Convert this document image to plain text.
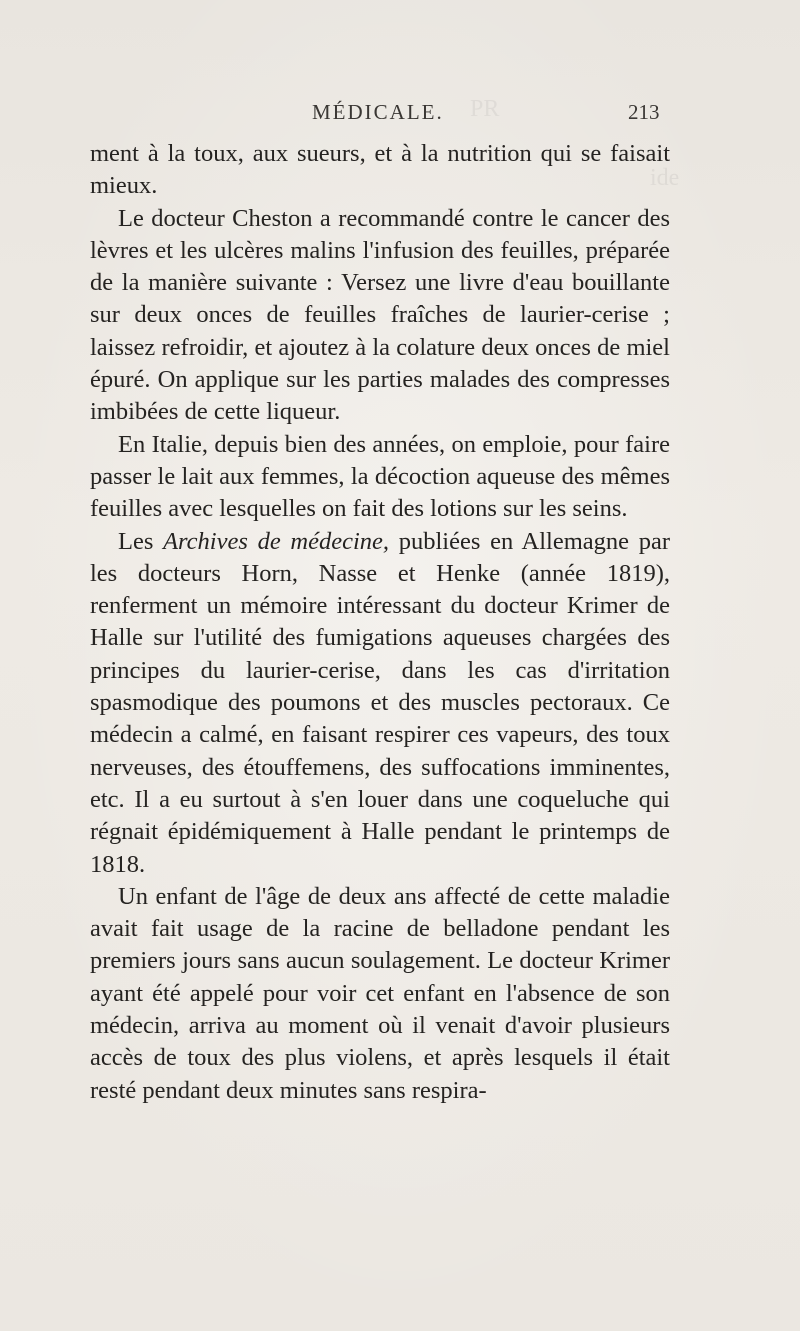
PR
ide
MÉDICALE.	213

ment à la toux, aux sueurs, et à la nutrition qui se faisait mieux.

Le docteur Cheston a recommandé contre le cancer des lèvres et les ulcères malins l'infusion des feuilles, préparée de la manière suivante : Versez une livre d'eau bouillante sur deux onces de feuilles fraîches de laurier-cerise ; laissez refroidir, et ajoutez à la colature deux onces de miel épuré. On applique sur les parties malades des compresses imbibées de cette liqueur.

En Italie, depuis bien des années, on emploie, pour faire passer le lait aux femmes, la décoction aqueuse des mêmes feuilles avec lesquelles on fait des lotions sur les seins.

Les Archives de médecine, publiées en Allemagne par les docteurs Horn, Nasse et Henke (année 1819), renferment un mémoire intéressant du docteur Krimer de Halle sur l'utilité des fumigations aqueuses chargées des principes du laurier-cerise, dans les cas d'irritation spasmodique des poumons et des muscles pectoraux. Ce médecin a calmé, en faisant respirer ces vapeurs, des toux nerveuses, des étouffemens, des suffocations imminentes, etc. Il a eu surtout à s'en louer dans une coqueluche qui régnait épidémiquement à Halle pendant le printemps de 1818.

Un enfant de l'âge de deux ans affecté de cette maladie avait fait usage de la racine de belladone pendant les premiers jours sans aucun soulagement. Le docteur Krimer ayant été appelé pour voir cet enfant en l'absence de son médecin, arriva au moment où il venait d'avoir plusieurs accès de toux des plus violens, et après lesquels il était resté pendant deux minutes sans respira-
